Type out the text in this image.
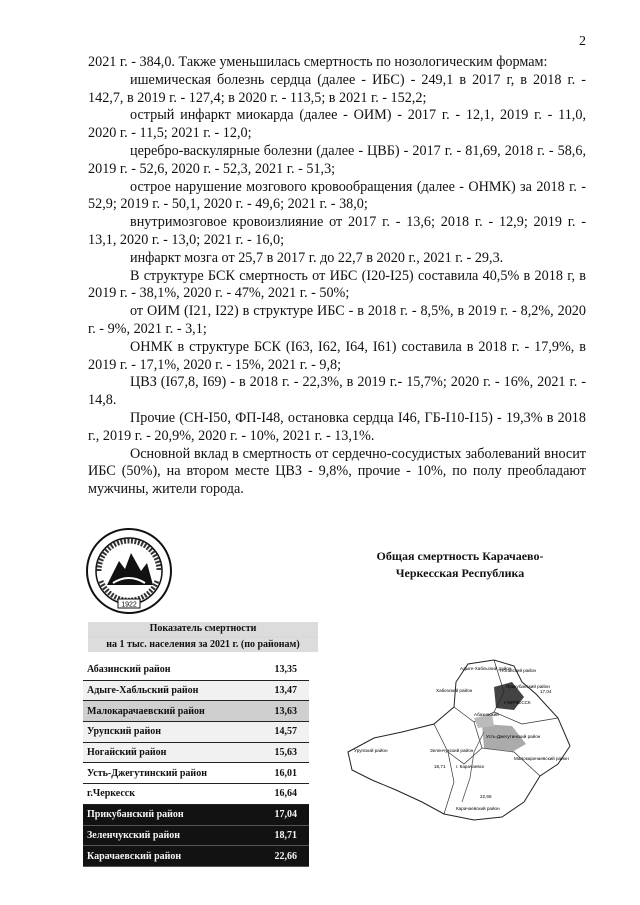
2

2021 г. - 384,0. Также уменьшилась смертность по нозологическим формам:

ишемическая болезнь сердца (далее - ИБС) - 249,1 в 2017 г, в 2018 г. - 142,7, в 2019 г. - 127,4; в 2020 г. - 113,5; в 2021 г. - 152,2;

острый инфаркт миокарда (далее - ОИМ) - 2017 г. - 12,1, 2019 г. - 11,0, 2020 г. - 11,5; 2021 г. - 12,0;

церебро-васкулярные болезни (далее - ЦВБ) - 2017 г. - 81,69, 2018 г. - 58,6, 2019 г. - 52,6, 2020 г. - 52,3, 2021 г. - 51,3;

острое нарушение мозгового кровообращения (далее - ОНМК) за 2018 г. - 52,9; 2019 г. - 50,1, 2020 г. - 49,6; 2021 г. - 38,0;

внутримозговое кровоизлияние от 2017 г. - 13,6; 2018 г. - 12,9; 2019 г. - 13,1, 2020 г. - 13,0; 2021 г. - 16,0;

инфаркт мозга от 25,7 в 2017 г. до 22,7 в 2020 г., 2021 г. - 29,3.

В структуре БСК смертность от ИБС (I20-I25) составила 40,5% в 2018 г, в 2019 г. - 38,1%, 2020 г. - 47%, 2021 г. - 50%;

от ОИМ (I21, I22) в структуре ИБС - в 2018 г. - 8,5%, в 2019 г. - 8,2%, 2020 г. - 9%, 2021 г. - 3,1;

ОНМК в структуре БСК (I63, I62, I64, I61) составила в 2018 г. - 17,9%, в 2019 г. - 17,1%, 2020 г. - 15%, 2021 г. - 9,8;

ЦВЗ (I67,8, I69) - в 2018 г. - 22,3%, в 2019 г.- 15,7%; 2020 г. - 16%, 2021 г. - 14,8.

Прочие (СН-I50, ФП-I48, остановка сердца I46, ГБ-I10-I15) - 19,3% в 2018 г., 2019 г. - 20,9%, 2020 г. - 10%, 2021 г. - 13,1%.

Основной вклад в смертность от сердечно-сосудистых заболеваний вносит ИБС (50%), на втором месте ЦВЗ - 9,8%, прочие - 10%, по полу преобладают мужчины, жители города.

1922
Показатель смертности
на 1 тыс. населения за 2021 г. (по районам)
Абазинский район	13,35
Адыге-Хабльский район	13,47
Малокарачаевский район	13,63
Урупский район	14,57
Ногайский район	15,63
Усть-Джегутинский район	16,01
г.Черкесск	16,64
Прикубанский район	17,04
Зеленчукский район	18,71
Карачаевский район	22,66
Общая смертность Карачаево-Черкесская Республика
Адыге-Хабльский район
Ногайский район
Прикубанский район
17,04
г.ЧЕРКЕССК
Хабезский район
Абазинский
Усть-Джегутинский район
Урупский район	Зеленчукский район
18,71
Малокарачаевский район
г. Карачаевск
22,66
Карачаевский район
